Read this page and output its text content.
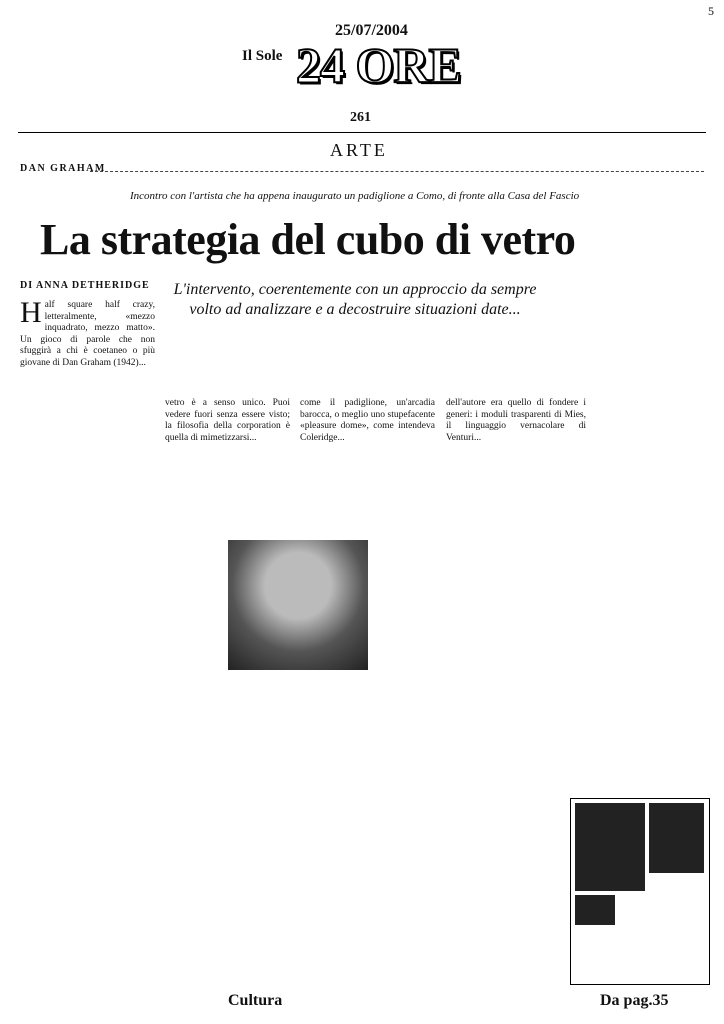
5
25/07/2004
Il Sole 24 ORE
261
ARTE
DAN GRAHAM
Incontro con l'artista che ha appena inaugurato un padiglione a Como, di fronte alla Casa del Fascio
La strategia del cubo di vetro
DI ANNA DETHERIDGE	L'intervento, coerentemente con un approccio da sempre volto ad analizzare e a decostruire situazioni date...
Half square half crazy, letteralmente, «mezzo inquadrato, mezzo matto». Un gioco di parole che non sfuggirà a chi è coetaneo o più giovane di Dan Graham (1942)...
vetro è a senso unico. Puoi vedere fuori senza essere visto; la filosofia della corporation è quella di mimetizzarsi...
come il padiglione, un'arcadia barocca, o meglio uno stupefacente «pleasure dome», come intendeva Coleridge...
dell'autore era quello di fondere i generi: i moduli trasparenti di Mies, il linguaggio vernacolare di Venturi...
Cultura	Da pag.35
